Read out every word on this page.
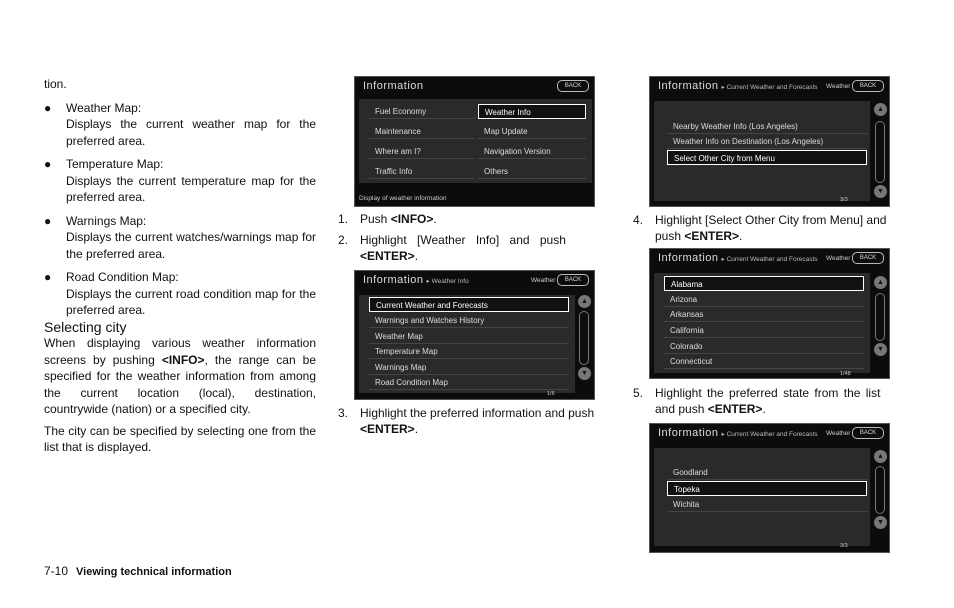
tion.

● Weather Map:

Displays the current weather map for the preferred area.

● Temperature Map:

Displays the current temperature map for the preferred area.

● Warnings Map:

Displays the current watches/warnings map for the preferred area.

● Road Condition Map:

Displays the current road condition map for the preferred area.

Selecting city

When displaying various weather information screens by pushing <INFO>, the range can be specified for the weather information from among the current location (local), destination, countrywide (nation) or a specified city.

The city can be specified by selecting one from the list that is displayed.

Information	BACK
Fuel Economy
Maintenance
Where am I?
Traffic Info
Weather Info
Map Update
Navigation Version
Others
Display of weather information
Information ▸ Weather Info	Weather	BACK
Current Weather and Forecasts
Warnings and Watches History
Weather Map
Temperature Map
Warnings Map
Road Condition Map
▲
▼
1/6
Information ▸ Current Weather and Forecasts Weather	BACK
Nearby Weather Info (Los Angeles)
Weather Info on Destination (Los Angeles)
Select Other City from Menu
▲
▼
3/3
Information ▸ Current Weather and Forecasts Weather	BACK
Alabama
Arizona
Arkansas
California
Colorado
Connecticut
▲
▼
1/48
Information ▸ Current Weather and Forecasts Weather	BACK
Goodland
Topeka
Wichita
▲
▼
3/3
1. Push <INFO>.
2. Highlight [Weather Info] and push
<ENTER>.
3. Highlight the preferred information and push
<ENTER>.
4. Highlight [Select Other City from Menu] and
push <ENTER>.
5. Highlight the preferred state from the list
and push <ENTER>.
7-10 Viewing technical information
